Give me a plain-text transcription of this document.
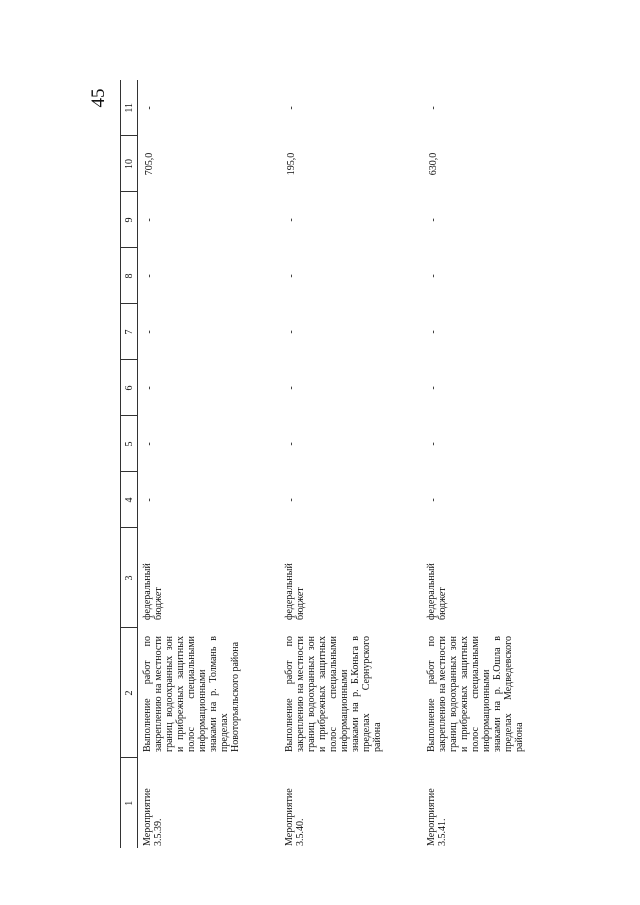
45
1	2	3	4	5	6	7	8	9	10	11

Мероприятие 3.5.39.	Выполнение работ по закреплению на местности границ водоохранных зон и прибрежных защитных полос специальными информационными знаками на р. Толмань в пределах Новоторъяльского района	федеральный бюджет	-	-	-	-	-	-	705,0	-

Мероприятие 3.5.40.	Выполнение работ по закреплению на местности границ водоохранных зон и прибрежных защитных полос специальными информационными знаками на р. Б.Коньга в пределах Сернурского района	федеральный бюджет	-	-	-	-	-	-	195,0	-

Мероприятие 3.5.41.	Выполнение работ по закреплению на местности границ водоохранных зон и прибрежных защитных полос специальными информационными знаками на р. Б.Ошла в пределах Медведевского района	федеральный бюджет	-	-	-	-	-	-	630,0	-
